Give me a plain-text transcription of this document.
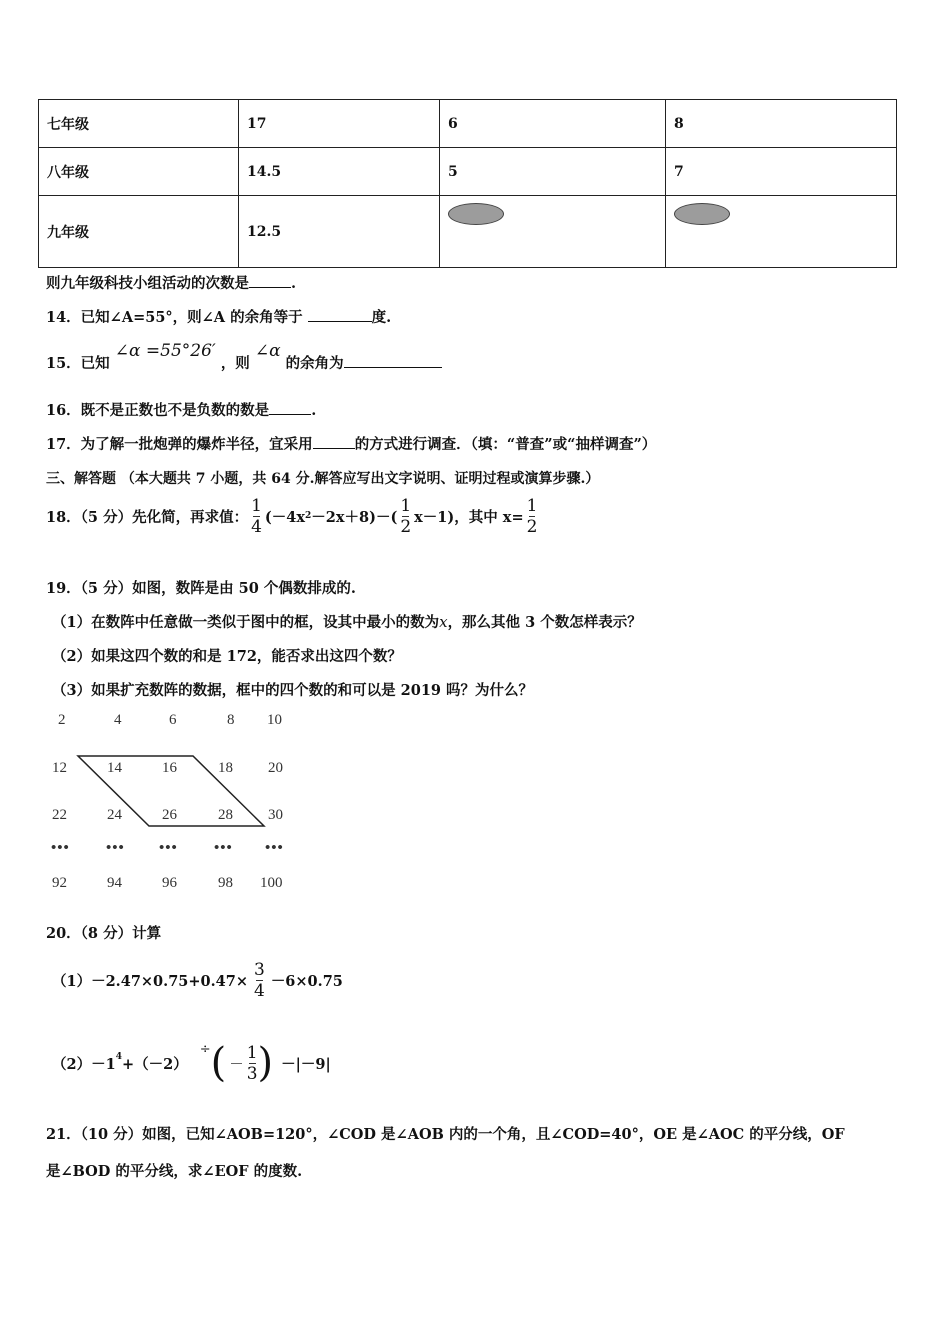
七年级	17	6	8
八年级	14.5	5	7
九年级	12.5	

则九年级科技小组活动的次数是	.
14．已知∠A=55°，则∠A 的余角等于	度.
15．已知 ∠α =55°26′ ，则 ∠α 的余角为
16．既不是正数也不是负数的数是	.
17．为了解一批炮弹的爆炸半径，宜采用	的方式进行调查．（填：“普查”或“抽样调查”）
三、解答题 （本大题共 7 小题，共 64 分.解答应写出文字说明、证明过程或演算步骤.）
18．（5 分）先化简，再求值： $\frac{1}{4} (-4x$ $2 -2x+8)-( \frac{1}{2} x-1)$，其中 $x= \frac{1}{2}$
19．（5 分）如图，数阵是由 50 个偶数排成的.
（1）在数阵中任意做一类似于图中的框，设其中最小的数为x，那么其他 3 个数怎样表示？
（2）如果这四个数的和是 172，能否求出这四个数？
（3）如果扩充数阵的数据，框中的四个数的和可以是 2019 吗？为什么？
2	4	6	8 10
12	14	16	18 20
22	24	26	28 30
••• ••• ••• ••• •••
92	94	96	98 100
20．（8 分）计算
$(1)-2.47\times 0.75+0.47\times \frac{3}{4} -6\times 0.75$
（2）－1 4 +（－2）
÷ ( － $\frac{1}{3}$ ) －|－9|
21．（10 分）如图，已知∠AOB=120°，∠COD 是∠AOB 内的一个角，且∠COD=40°，OE 是∠AOC 的平分线，OF
是∠BOD 的平分线，求∠EOF 的度数.
